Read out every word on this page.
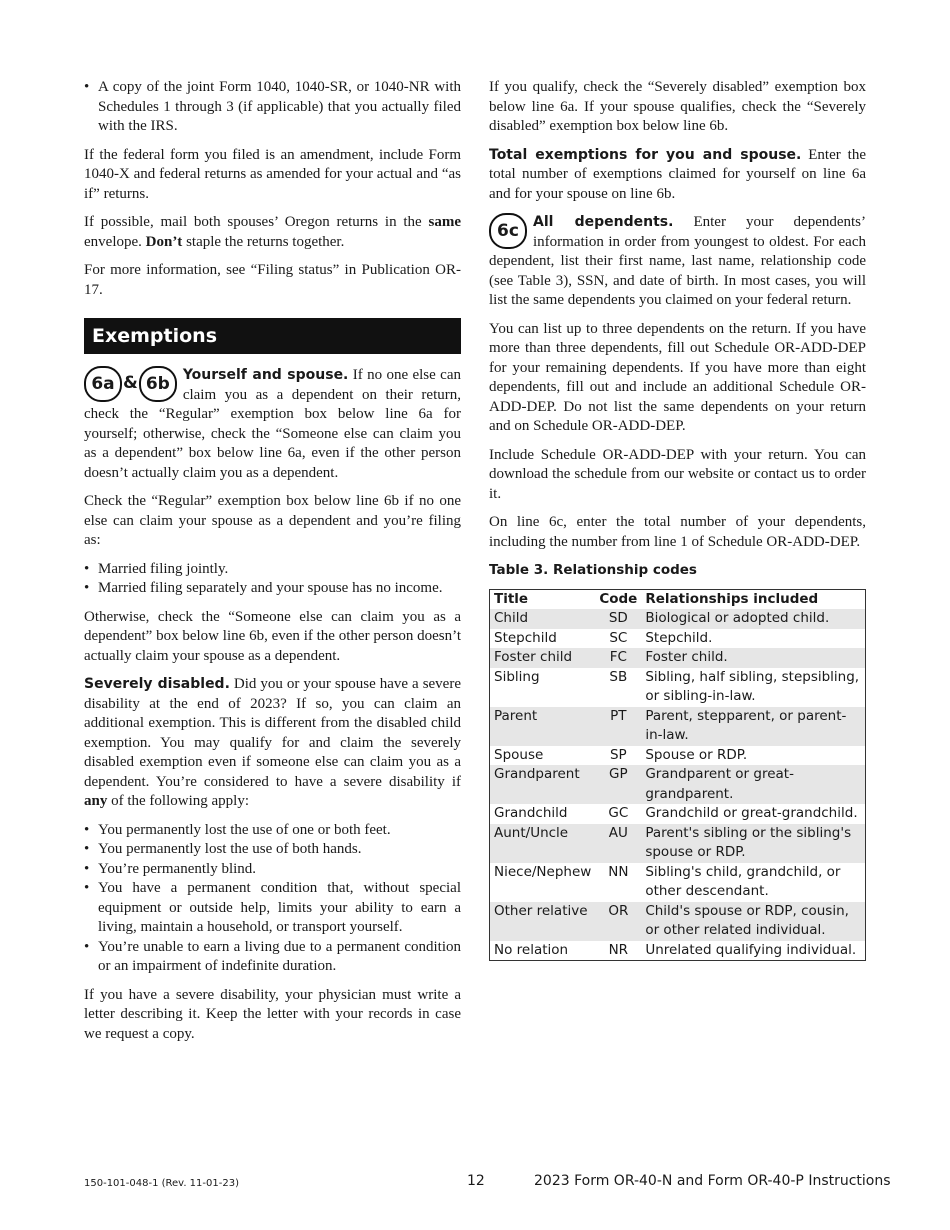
• A copy of the joint Form 1040, 1040-SR, or 1040-NR with Schedules 1 through 3 (if applicable) that you actually filed with the IRS.

If the federal form you filed is an amendment, include Form 1040-X and federal returns as amended for your actual and “as if” returns.

If possible, mail both spouses’ Oregon returns in the same envelope. Don’t staple the returns together.

For more information, see “Filing status” in Publication OR-17.

Exemptions

6a & 6b Yourself and spouse. If no one else can claim you as a dependent on their return, check the “Regular” exemption box below line 6a for yourself; otherwise, check the “Someone else can claim you as a dependent” box below line 6a, even if the other person doesn’t actually claim you as a dependent.

Check the “Regular” exemption box below line 6b if no one else can claim your spouse as a dependent and you’re filing as:

• Married filing jointly.
• Married filing separately and your spouse has no income.

Otherwise, check the “Someone else can claim you as a dependent” box below line 6b, even if the other person doesn’t actually claim your spouse as a dependent.

Severely disabled. Did you or your spouse have a severe disability at the end of 2023? If so, you can claim an additional exemption. This is different from the disabled child exemption. You may qualify for and claim the severely disabled exemption even if someone else can claim you as a dependent. You’re considered to have a severe disability if any of the following apply:

• You permanently lost the use of one or both feet.
• You permanently lost the use of both hands.
• You’re permanently blind.
• You have a permanent condition that, without special equipment or outside help, limits your ability to earn a living, maintain a household, or transport yourself.
• You’re unable to earn a living due to a permanent condition or an impairment of indefinite duration.

If you have a severe disability, your physician must write a letter describing it. Keep the letter with your records in case we request a copy.

If you qualify, check the “Severely disabled” exemption box below line 6a. If your spouse qualifies, check the “Severely disabled” exemption box below line 6b.

Total exemptions for you and spouse. Enter the total number of exemptions claimed for yourself on line 6a and for your spouse on line 6b.

6c	All dependents. Enter your dependents’ information in order from youngest to oldest. For each dependent, list their first name, last name, relationship code (see Table 3), SSN, and date of birth. In most cases, you will list the same dependents you claimed on your federal return.

You can list up to three dependents on the return. If you have more than three dependents, fill out Schedule OR-ADD-DEP for your remaining dependents. If you have more than eight dependents, fill out and include an additional Schedule OR-ADD-DEP. Do not list the same dependents on your return and on Schedule OR-ADD-DEP.

Include Schedule OR-ADD-DEP with your return. You can download the schedule from our website or contact us to order it.

On line 6c, enter the total number of your dependents, including the number from line 1 of Schedule OR-ADD-DEP.

Table 3. Relationship codes
Title	Code	Relationships included
Child	SD	Biological or adopted child.
Stepchild	SC	Stepchild.
Foster child	FC	Foster child.
Sibling	SB	Sibling, half sibling, stepsibling, or sibling-in-law.
Parent	PT	Parent, stepparent, or parent-in-law.
Spouse	SP	Spouse or RDP.
Grandparent	GP	Grandparent or great-grandparent.
Grandchild	GC	Grandchild or great-grandchild.
Aunt/Uncle	AU	Parent's sibling or the sibling's spouse or RDP.
Niece/Nephew	NN	Sibling's child, grandchild, or other descendant.
Other relative	OR	Child's spouse or RDP, cousin, or other related individual.
No relation	NR	Unrelated qualifying individual.
150-101-048-1 (Rev. 11-01-23)	12	2023 Form OR-40-N and Form OR-40-P Instructions
